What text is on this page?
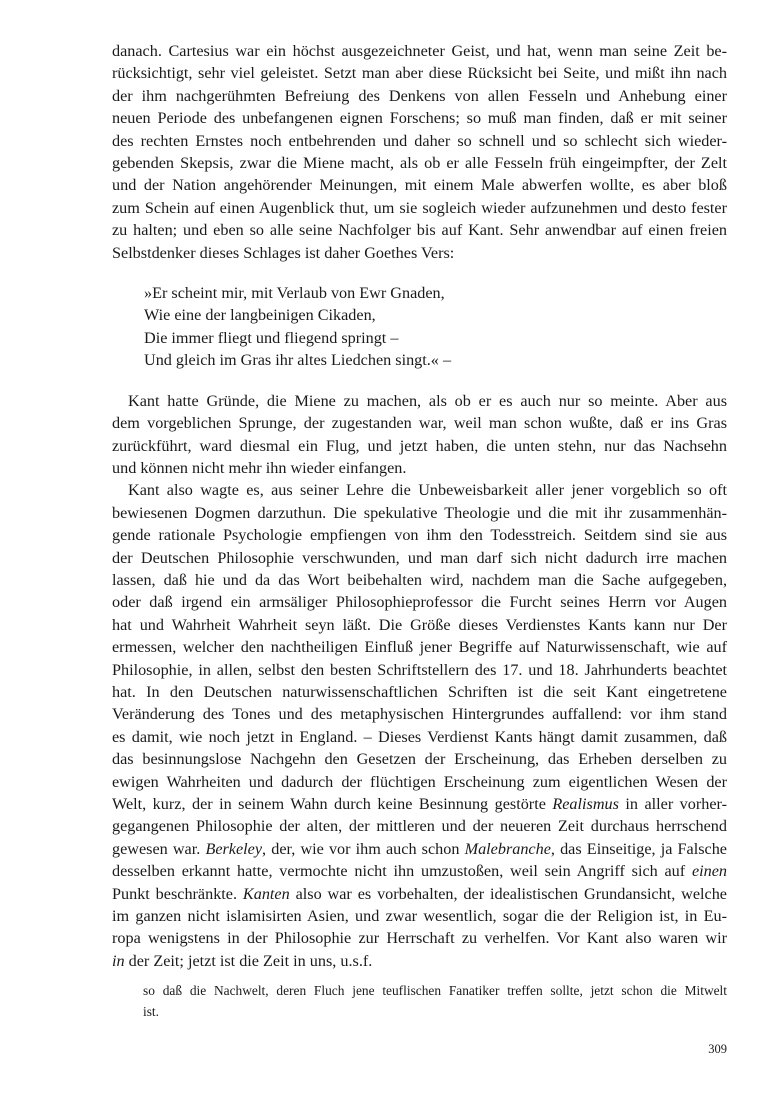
danach. Cartesius war ein höchst ausgezeichneter Geist, und hat, wenn man seine Zeit be-
rücksichtigt, sehr viel geleistet. Setzt man aber diese Rücksicht bei Seite, und mißt ihn nach
der ihm nachgerühmten Befreiung des Denkens von allen Fesseln und Anhebung einer
neuen Periode des unbefangenen eignen Forschens; so muß man finden, daß er mit seiner
des rechten Ernstes noch entbehrenden und daher so schnell und so schlecht sich wieder-
gebenden Skepsis, zwar die Miene macht, als ob er alle Fesseln früh eingeimpfter, der Zelt
und der Nation angehörender Meinungen, mit einem Male abwerfen wollte, es aber bloß
zum Schein auf einen Augenblick thut, um sie sogleich wieder aufzunehmen und desto fester
zu halten; und eben so alle seine Nachfolger bis auf Kant. Sehr anwendbar auf einen freien
Selbstdenker dieses Schlages ist daher Goethes Vers:

»Er scheint mir, mit Verlaub von Ewr Gnaden,
Wie eine der langbeinigen Cikaden,
Die immer fliegt und fliegend springt –
Und gleich im Gras ihr altes Liedchen singt.« –

Kant hatte Gründe, die Miene zu machen, als ob er es auch nur so meinte. Aber aus
dem vorgeblichen Sprunge, der zugestanden war, weil man schon wußte, daß er ins Gras
zurückführt, ward diesmal ein Flug, und jetzt haben, die unten stehn, nur das Nachsehn
und können nicht mehr ihn wieder einfangen.

Kant also wagte es, aus seiner Lehre die Unbeweisbarkeit aller jener vorgeblich so oft
bewiesenen Dogmen darzuthun. Die spekulative Theologie und die mit ihr zusammenhän-
gende rationale Psychologie empfiengen von ihm den Todesstreich. Seitdem sind sie aus
der Deutschen Philosophie verschwunden, und man darf sich nicht dadurch irre machen
lassen, daß hie und da das Wort beibehalten wird, nachdem man die Sache aufgegeben,
oder daß irgend ein armsäliger Philosophieprofessor die Furcht seines Herrn vor Augen
hat und Wahrheit Wahrheit seyn läßt. Die Größe dieses Verdienstes Kants kann nur Der
ermessen, welcher den nachtheiligen Einfluß jener Begriffe auf Naturwissenschaft, wie auf
Philosophie, in allen, selbst den besten Schriftstellern des 17. und 18. Jahrhunderts beachtet
hat. In den Deutschen naturwissenschaftlichen Schriften ist die seit Kant eingetretene
Veränderung des Tones und des metaphysischen Hintergrundes auffallend: vor ihm stand
es damit, wie noch jetzt in England. – Dieses Verdienst Kants hängt damit zusammen, daß
das besinnungslose Nachgehn den Gesetzen der Erscheinung, das Erheben derselben zu
ewigen Wahrheiten und dadurch der flüchtigen Erscheinung zum eigentlichen Wesen der
Welt, kurz, der in seinem Wahn durch keine Besinnung gestörte Realismus in aller vorher-
gegangenen Philosophie der alten, der mittleren und der neueren Zeit durchaus herrschend
gewesen war. Berkeley, der, wie vor ihm auch schon Malebranche, das Einseitige, ja Falsche
desselben erkannt hatte, vermochte nicht ihn umzustoßen, weil sein Angriff sich auf einen
Punkt beschränkte. Kanten also war es vorbehalten, der idealistischen Grundansicht, welche
im ganzen nicht islamisirten Asien, und zwar wesentlich, sogar die der Religion ist, in Eu-
ropa wenigstens in der Philosophie zur Herrschaft zu verhelfen. Vor Kant also waren wir
in der Zeit; jetzt ist die Zeit in uns, u.s.f.

so daß die Nachwelt, deren Fluch jene teuflischen Fanatiker treffen sollte, jetzt schon die Mitwelt
ist.

309
